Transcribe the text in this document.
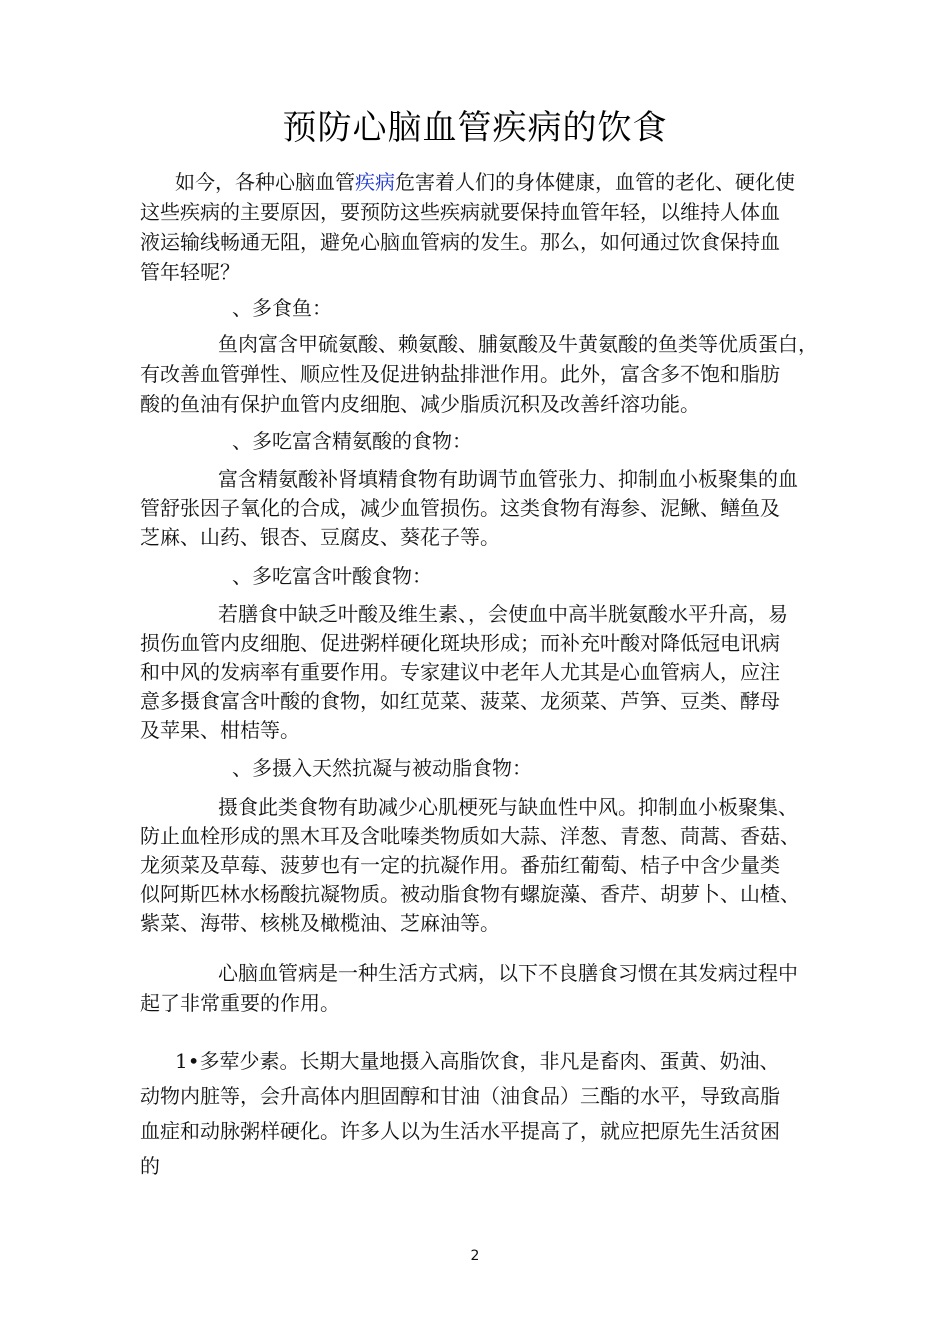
预防心脑血管疾病的饮食
如今，各种心脑血管疾病危害着人们的身体健康，血管的老化、硬化使
这些疾病的主要原因，要预防这些疾病就要保持血管年轻，以维持人体血
液运输线畅通无阻，避免心脑血管病的发生。那么，如何通过饮食保持血
管年轻呢？
、多食鱼：
鱼肉富含甲硫氨酸、赖氨酸、脯氨酸及牛黄氨酸的鱼类等优质蛋白，
有改善血管弹性、顺应性及促进钠盐排泄作用。此外，富含多不饱和脂肪
酸的鱼油有保护血管内皮细胞、减少脂质沉积及改善纤溶功能。
、多吃富含精氨酸的食物：
富含精氨酸补肾填精食物有助调节血管张力、抑制血小板聚集的血
管舒张因子氧化的合成，减少血管损伤。这类食物有海参、泥鳅、鳝鱼及
芝麻、山药、银杏、豆腐皮、葵花子等。
、多吃富含叶酸食物：
若膳食中缺乏叶酸及维生素、，会使血中高半胱氨酸水平升高，易
损伤血管内皮细胞、促进粥样硬化斑块形成；而补充叶酸对降低冠电讯病
和中风的发病率有重要作用。专家建议中老年人尤其是心血管病人，应注
意多摄食富含叶酸的食物，如红苋菜、菠菜、龙须菜、芦笋、豆类、酵母
及苹果、柑桔等。
、多摄入天然抗凝与被动脂食物：
摄食此类食物有助减少心肌梗死与缺血性中风。抑制血小板聚集、
防止血栓形成的黑木耳及含吡嗪类物质如大蒜、洋葱、青葱、茼蒿、香菇、
龙须菜及草莓、菠萝也有一定的抗凝作用。番茄红葡萄、桔子中含少量类
似阿斯匹林水杨酸抗凝物质。被动脂食物有螺旋藻、香芹、胡萝卜、山楂、
紫菜、海带、核桃及橄榄油、芝麻油等。
心脑血管病是一种生活方式病，以下不良膳食习惯在其发病过程中
起了非常重要的作用。
1•多荤少素。长期大量地摄入高脂饮食，非凡是畜肉、蛋黄、奶油、
动物内脏等，会升高体内胆固醇和甘油（油食品）三酯的水平，导致高脂
血症和动脉粥样硬化。许多人以为生活水平提高了，就应把原先生活贫困
的
2
